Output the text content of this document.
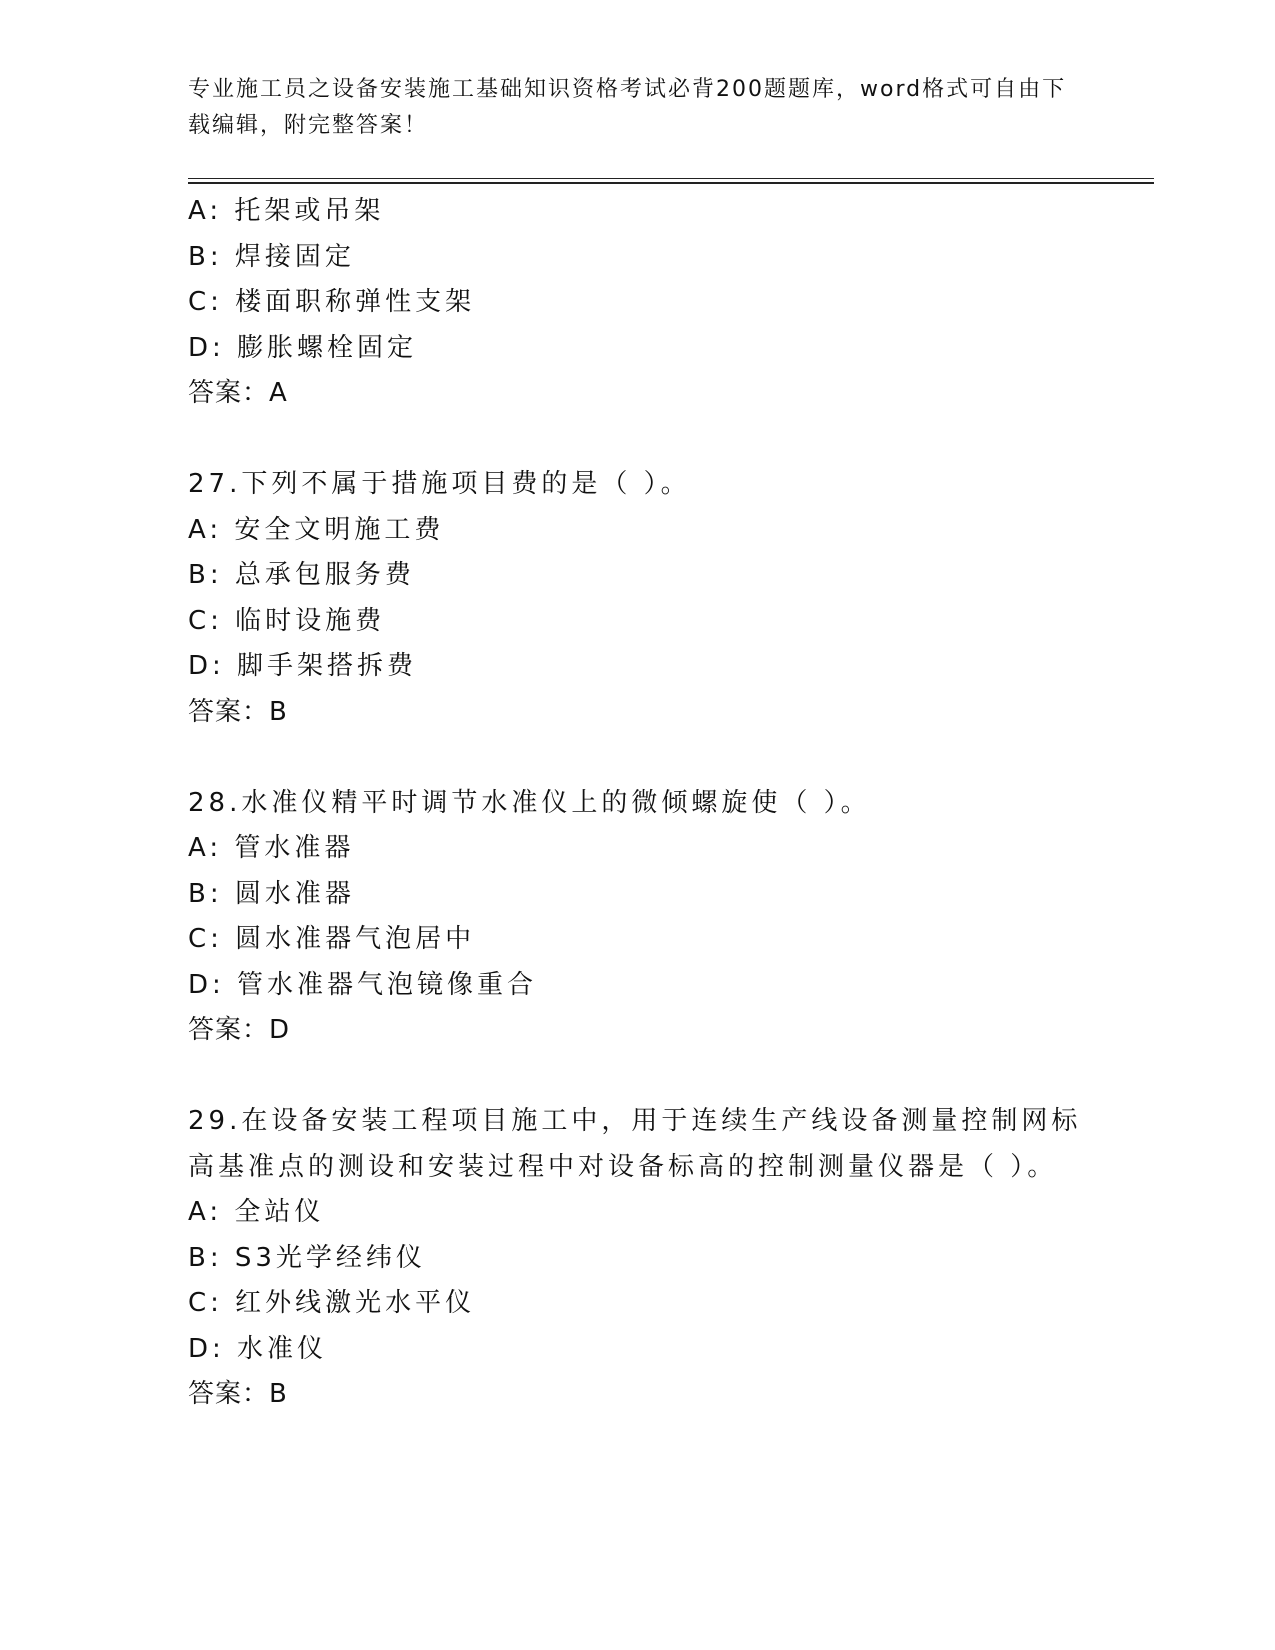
专业施工员之设备安装施工基础知识资格考试必背200题题库，word格式可自由下载编辑，附完整答案！
A: 托架或吊架
B: 焊接固定
C: 楼面职称弹性支架
D: 膨胀螺栓固定
答案：A
27.下列不属于措施项目费的是（ ）。
A: 安全文明施工费
B: 总承包服务费
C: 临时设施费
D: 脚手架搭拆费
答案：B
28.水准仪精平时调节水准仪上的微倾螺旋使（ ）。
A: 管水准器
B: 圆水准器
C: 圆水准器气泡居中
D: 管水准器气泡镜像重合
答案：D
29.在设备安装工程项目施工中，用于连续生产线设备测量控制网标高基准点的测设和安装过程中对设备标高的控制测量仪器是（ ）。
A: 全站仪
B: S3光学经纬仪
C: 红外线激光水平仪
D: 水准仪
答案：B
